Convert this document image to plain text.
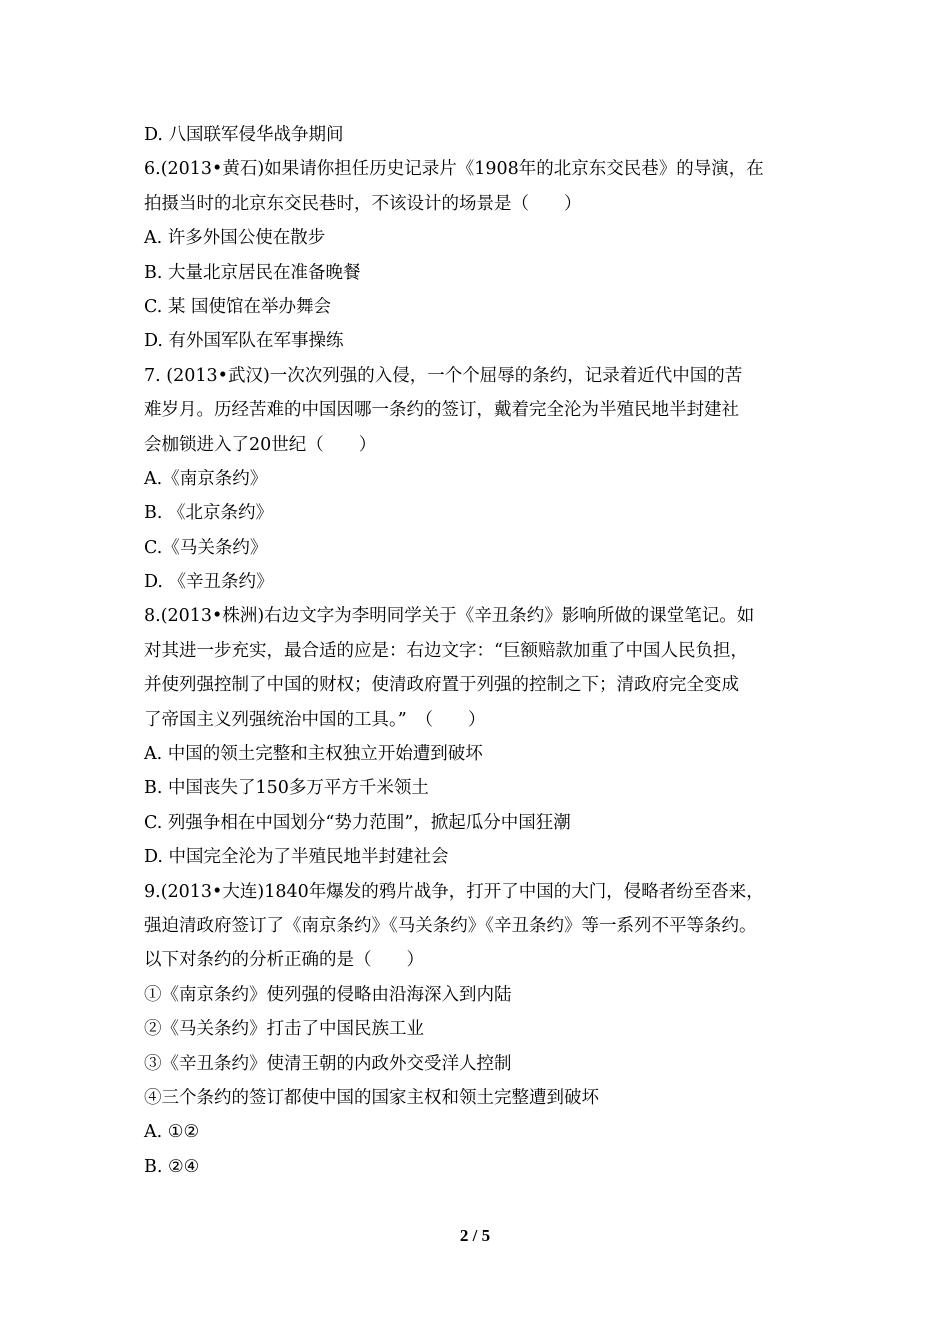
D. 八国联军侵华战争期间
6.(2013•黄石)如果请你担任历史记录片《1908年的北京东交民巷》的导演，在
拍摄当时的北京东交民巷时，不该设计的场景是（　　）
A. 许多外国公使在散步
B. 大量北京居民在准备晚餐
C. 某 国使馆在举办舞会
D. 有外国军队在军事操练
7. (2013•武汉)一次次列强的入侵，一个个屈辱的条约，记录着近代中国的苦
难岁月。历经苦难的中国因哪一条约的签订，戴着完全沦为半殖民地半封建社
会枷锁进入了20世纪（　　）
A.《南京条约》
B. 《北京条约》
C.《马关条约》
D. 《辛丑条约》
8.(2013•株洲)右边文字为李明同学关于《辛丑条约》影响所做的课堂笔记。如
对其进一步充实，最合适的应是：右边文字：“巨额赔款加重了中国人民负担，
并使列强控制了中国的财权；使清政府置于列强的控制之下；清政府完全变成
了帝国主义列强统治中国的工具。”　（　　）
A. 中国的领土完整和主权独立开始遭到破坏
B. 中国丧失了150多万平方千米领土
C. 列强争相在中国划分“势力范围”，掀起瓜分中国狂潮
D. 中国完全沦为了半殖民地半封建社会
9.(2013•大连)1840年爆发的鸦片战争，打开了中国的大门，侵略者纷至沓来，
强迫清政府签订了《南京条约》《马关条约》《辛丑条约》等一系列不平等条约。
以下对条约的分析正确的是（　　）
①《南京条约》使列强的侵略由沿海深入到内陆
②《马关条约》打击了中国民族工业
③《辛丑条约》使清王朝的内政外交受洋人控制
④三个条约的签订都使中国的国家主权和领土完整遭到破坏
A. ①②
B. ②④
2 / 5
